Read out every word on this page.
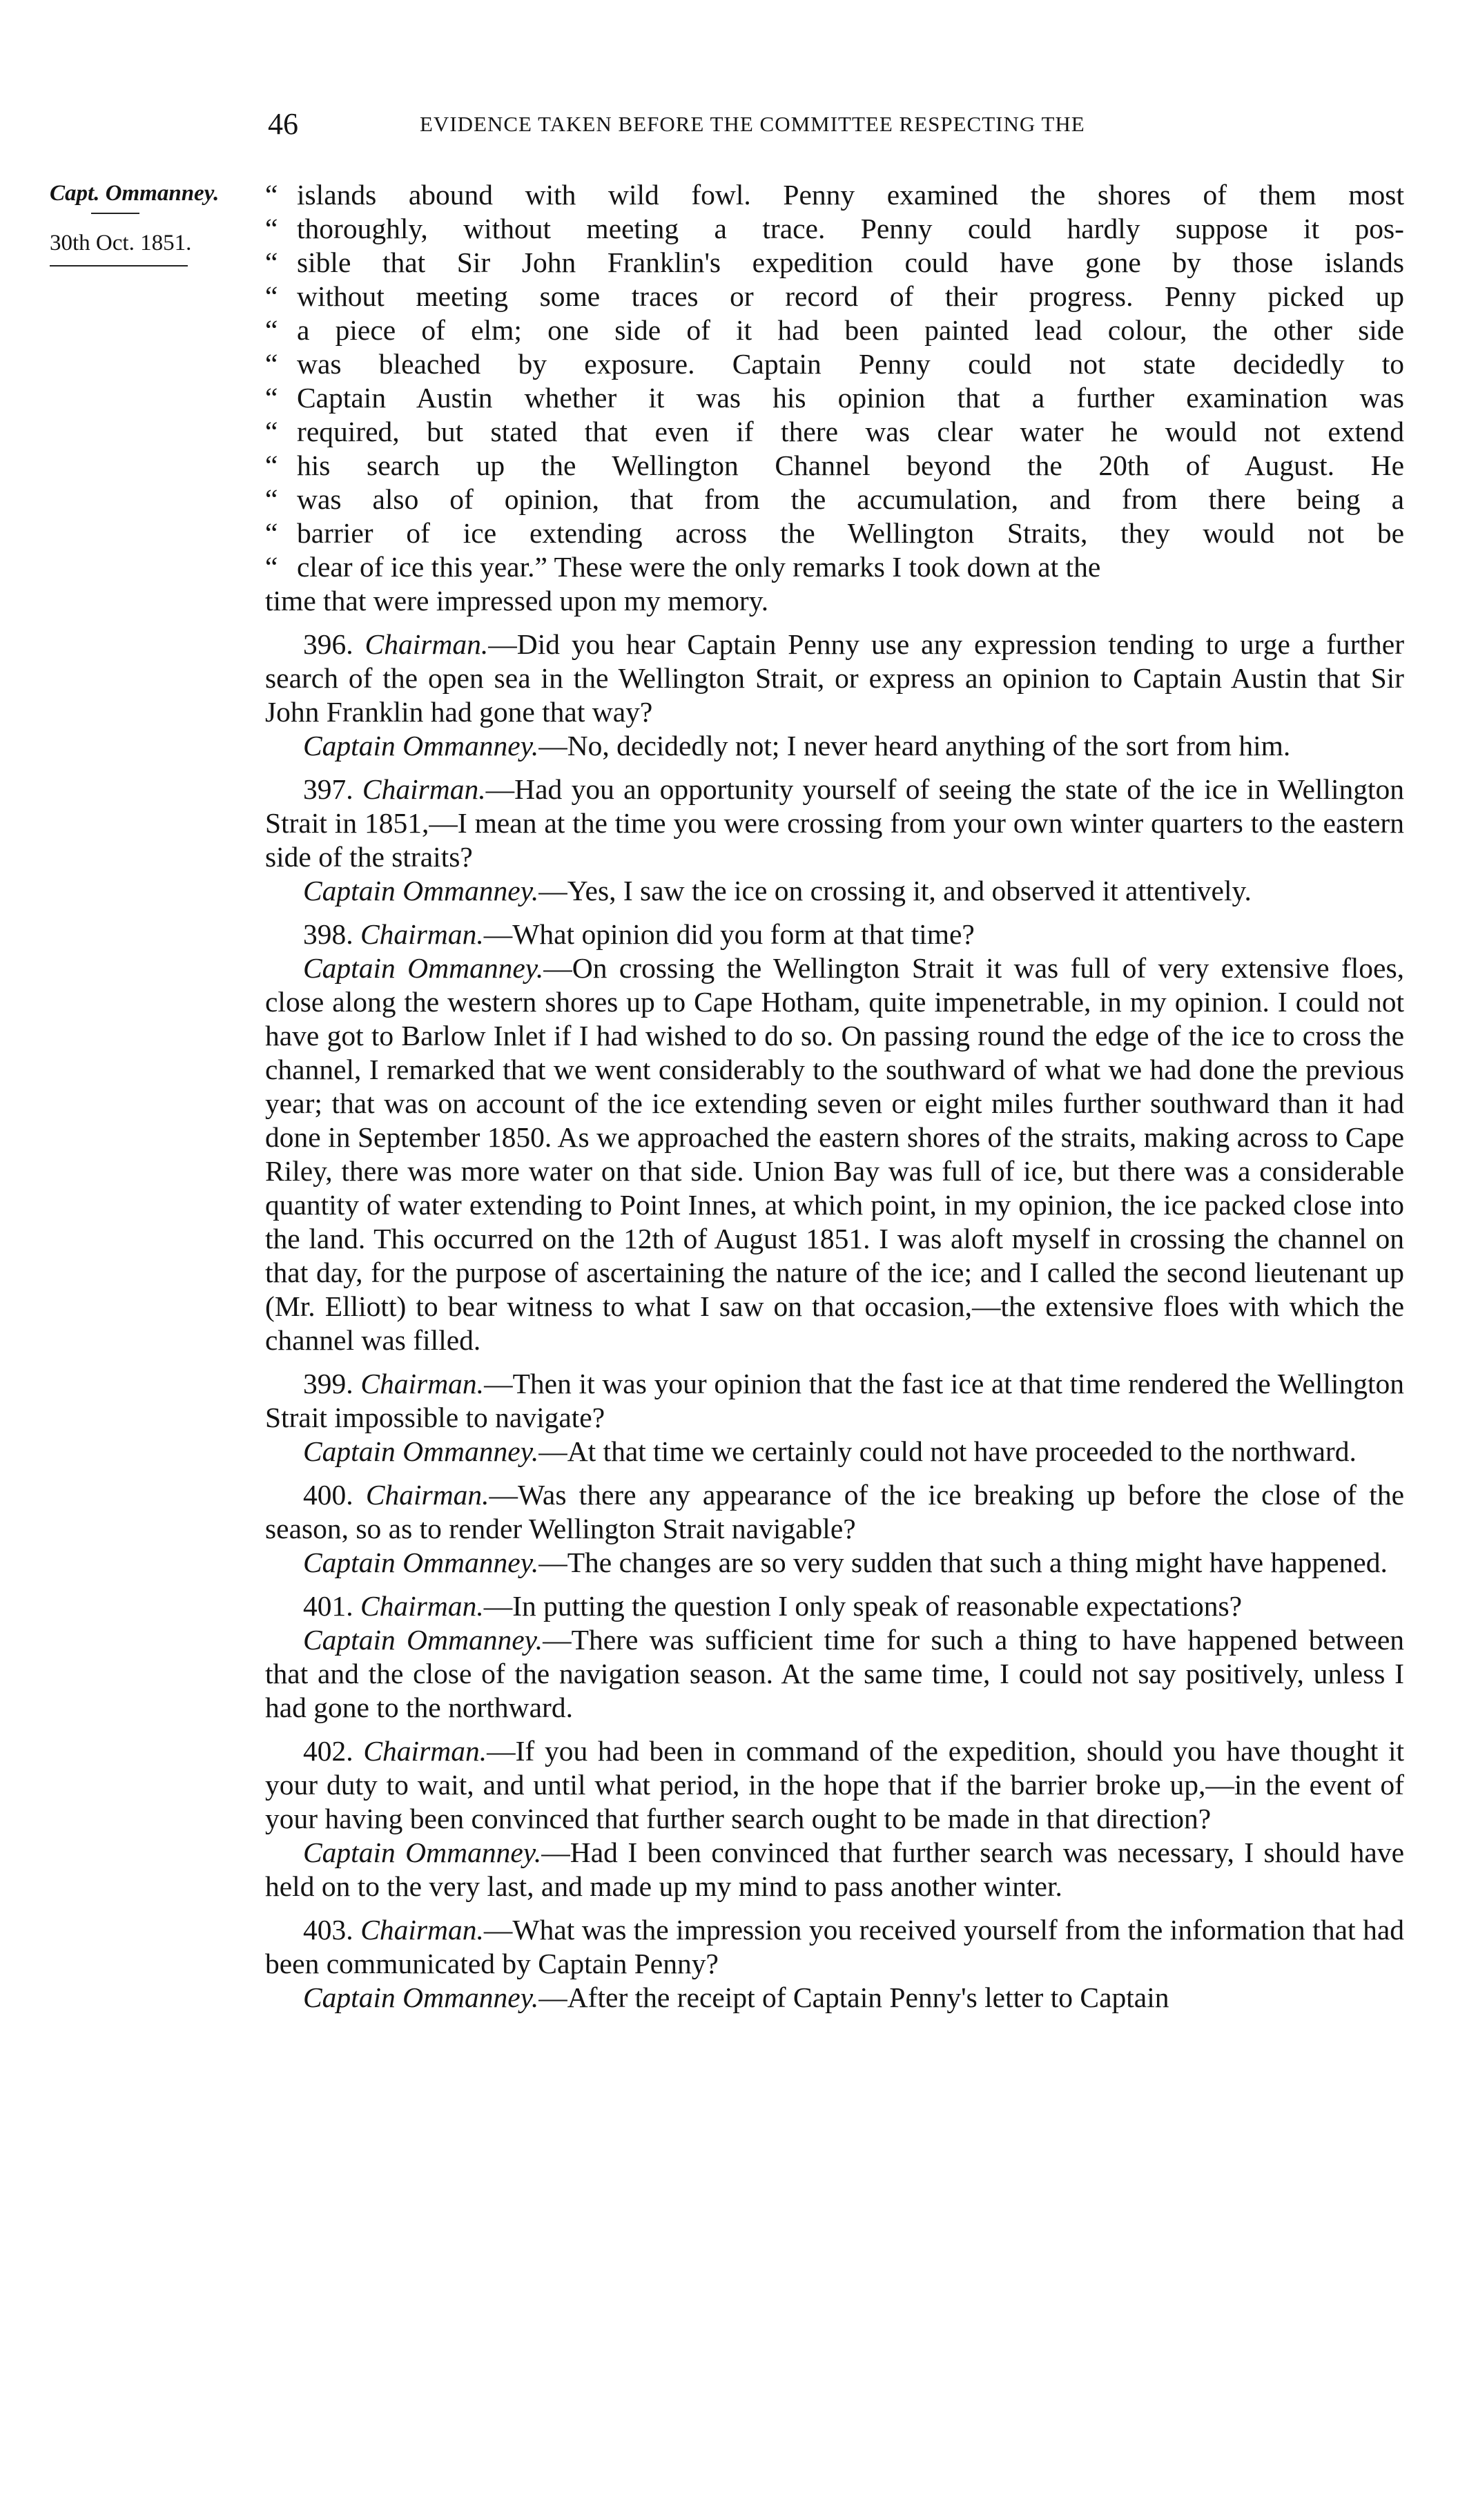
46	EVIDENCE TAKEN BEFORE THE COMMITTEE RESPECTING THE
Capt. Ommanney.
30th Oct. 1851.
“ islands abound with wild fowl. Penny examined the shores of them most
“ thoroughly, without meeting a trace. Penny could hardly suppose it pos-
“ sible that Sir John Franklin's expedition could have gone by those islands
“ without meeting some traces or record of their progress. Penny picked up
“ a piece of elm; one side of it had been painted lead colour, the other side
“ was bleached by exposure. Captain Penny could not state decidedly to
“ Captain Austin whether it was his opinion that a further examination was
“ required, but stated that even if there was clear water he would not extend
“ his search up the Wellington Channel beyond the 20th of August. He
“ was also of opinion, that from the accumulation, and from there being a
“ barrier of ice extending across the Wellington Straits, they would not be
“ clear of ice this year.” These were the only remarks I took down at the

time that were impressed upon my memory.

396. Chairman.—Did you hear Captain Penny use any expression tending to urge a further search of the open sea in the Wellington Strait, or express an opinion to Captain Austin that Sir John Franklin had gone that way?

Captain Ommanney.—No, decidedly not; I never heard anything of the sort from him.

397. Chairman.—Had you an opportunity yourself of seeing the state of the ice in Wellington Strait in 1851,—I mean at the time you were crossing from your own winter quarters to the eastern side of the straits?

Captain Ommanney.—Yes, I saw the ice on crossing it, and observed it attentively.

398. Chairman.—What opinion did you form at that time?

Captain Ommanney.—On crossing the Wellington Strait it was full of very extensive floes, close along the western shores up to Cape Hotham, quite impenetrable, in my opinion. I could not have got to Barlow Inlet if I had wished to do so. On passing round the edge of the ice to cross the channel, I remarked that we went considerably to the southward of what we had done the previous year; that was on account of the ice extending seven or eight miles further southward than it had done in September 1850. As we approached the eastern shores of the straits, making across to Cape Riley, there was more water on that side. Union Bay was full of ice, but there was a considerable quantity of water extending to Point Innes, at which point, in my opinion, the ice packed close into the land. This occurred on the 12th of August 1851. I was aloft myself in crossing the channel on that day, for the purpose of ascertaining the nature of the ice; and I called the second lieutenant up (Mr. Elliott) to bear witness to what I saw on that occasion,—the extensive floes with which the channel was filled.

399. Chairman.—Then it was your opinion that the fast ice at that time rendered the Wellington Strait impossible to navigate?

Captain Ommanney.—At that time we certainly could not have proceeded to the northward.

400. Chairman.—Was there any appearance of the ice breaking up before the close of the season, so as to render Wellington Strait navigable?

Captain Ommanney.—The changes are so very sudden that such a thing might have happened.

401. Chairman.—In putting the question I only speak of reasonable expectations?

Captain Ommanney.—There was sufficient time for such a thing to have happened between that and the close of the navigation season. At the same time, I could not say positively, unless I had gone to the northward.

402. Chairman.—If you had been in command of the expedition, should you have thought it your duty to wait, and until what period, in the hope that if the barrier broke up,—in the event of your having been convinced that further search ought to be made in that direction?

Captain Ommanney.—Had I been convinced that further search was necessary, I should have held on to the very last, and made up my mind to pass another winter.

403. Chairman.—What was the impression you received yourself from the information that had been communicated by Captain Penny?

Captain Ommanney.—After the receipt of Captain Penny's letter to Captain
